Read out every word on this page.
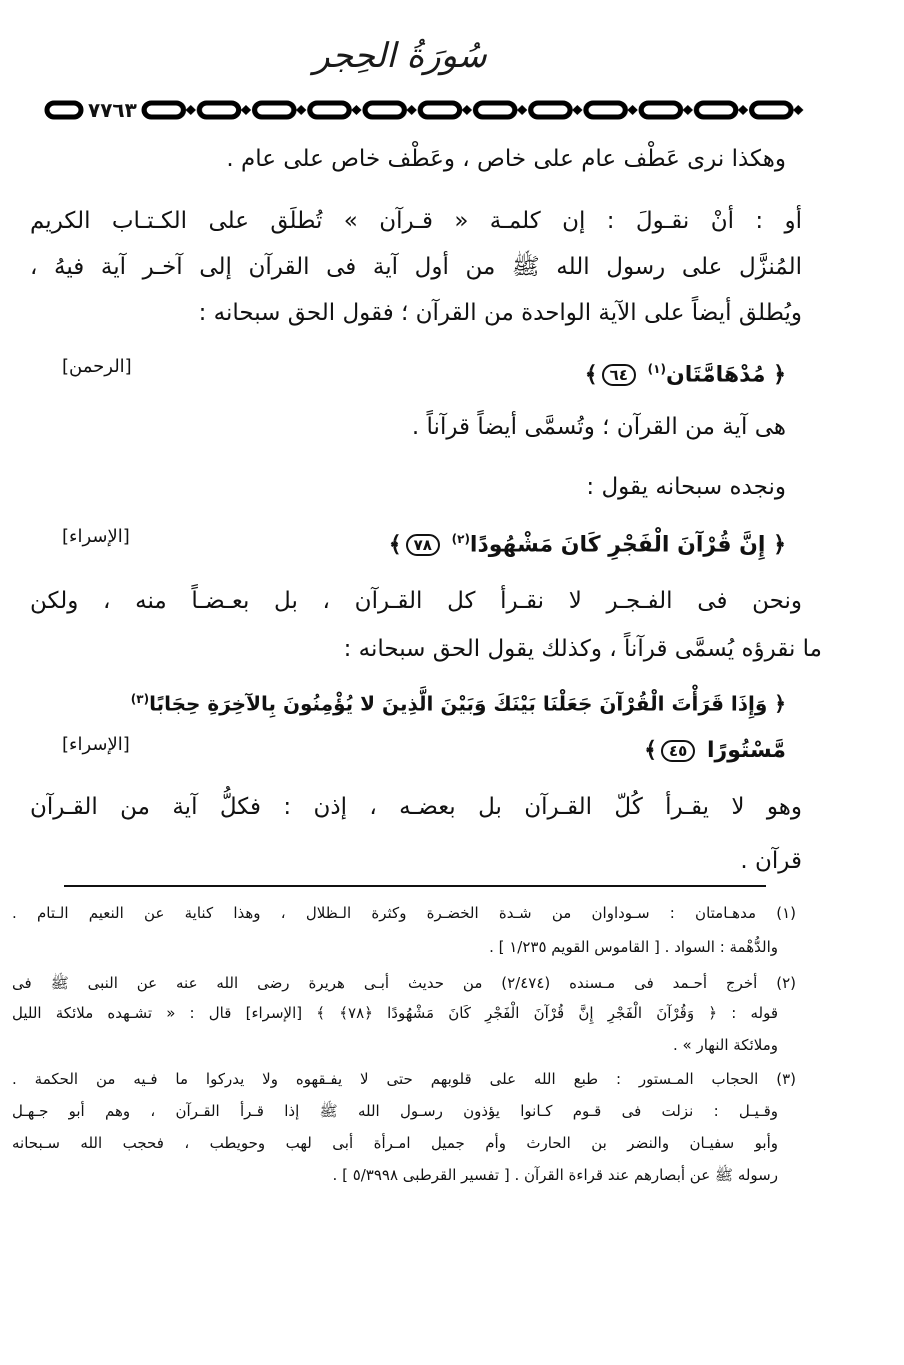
سُورَةُ الحِجر
٧٧٦٣
وهكذا نرى عَطْف عام على خاص ، وعَطْف خاص على عام .
أو : أنْ نقـولَ : إن كلمـة « قـرآن » تُطلَق على الكـتـاب الكريم
المُنزَّل على رسول الله ﷺ من أول آية فى القرآن إلى آخـر آية فيهُ ،
ويُطلق أيضاً على الآية الواحدة من القرآن ؛ فقول الحق سبحانه :
﴿ مُدْهَامَّتَان$^{(١)}$ ٦٤﴾
هى آية من القرآن ؛ وتُسمَّى أيضاً قرآناً .
ونجده سبحانه يقول :
﴿ إِنَّ قُرْآنَ الْفَجْرِ كَانَ مَشْهُودًا$^{(٢)}$ ٧٨﴾
ونحن فى الفـجـر لا نقـرأ كل القـرآن ، بل بعـضـاً منه ، ولكن
ما نقرؤه يُسمَّى قرآناً ، وكذلك يقول الحق سبحانه :
﴿ وَإِذَا قَرَأْتَ الْقُرْآنَ جَعَلْنَا بَيْنَكَ وَبَيْنَ الَّذِينَ لا يُؤْمِنُونَ بِالآخِرَةِ حِجَابًا$^{(٣)}$
مَّسْتُورًا ٤٥﴾
وهو لا يقـرأ كُلّ القـرآن بل بعضـه ، إذن : فكلُّ آية من القـرآن
قرآن .
[الرحمن]
[الإسراء]
[الإسراء]
(١) مدهـامتان : سـوداوان من شـدة الخضـرة وكثرة الـظلال ، وهذا كناية عن النعيم الـتام .
والدُّهْمة : السواد . [ القاموس القويم ١/٢٣٥ ] .
(٢) أخرج أحـمد فى مـسنده (٢/٤٧٤) من حديث أبـى هريرة رضى الله عنه عن النبى ﷺ فى
قوله : ﴿ وَقُرْآنَ الْفَجْرِ إِنَّ قُرْآنَ الْفَجْرِ كَانَ مَشْهُودًا ﴿٧٨﴾ ﴾ [الإسراء] قال : « تشـهده ملائكة الليل
وملائكة النهار » .
(٣) الحجاب المـستور : طبع الله على قلوبهم حتى لا يفـقهوه ولا يدركوا ما فـيه من الحكمة .
وقـيـل : نزلت فى قـوم كـانوا يؤذون رسـول الله ﷺ إذا قـرأ القـرآن ، وهم أبو جـهـل
وأبو سفيـان والنضر بن الحارث وأم جميل امـرأة أبى لهب وحويطب ، فحجب الله سـبحانه
رسوله ﷺ عن أبصارهم عند قراءة القرآن . [ تفسير القرطبى ٥/٣٩٩٨ ] .
